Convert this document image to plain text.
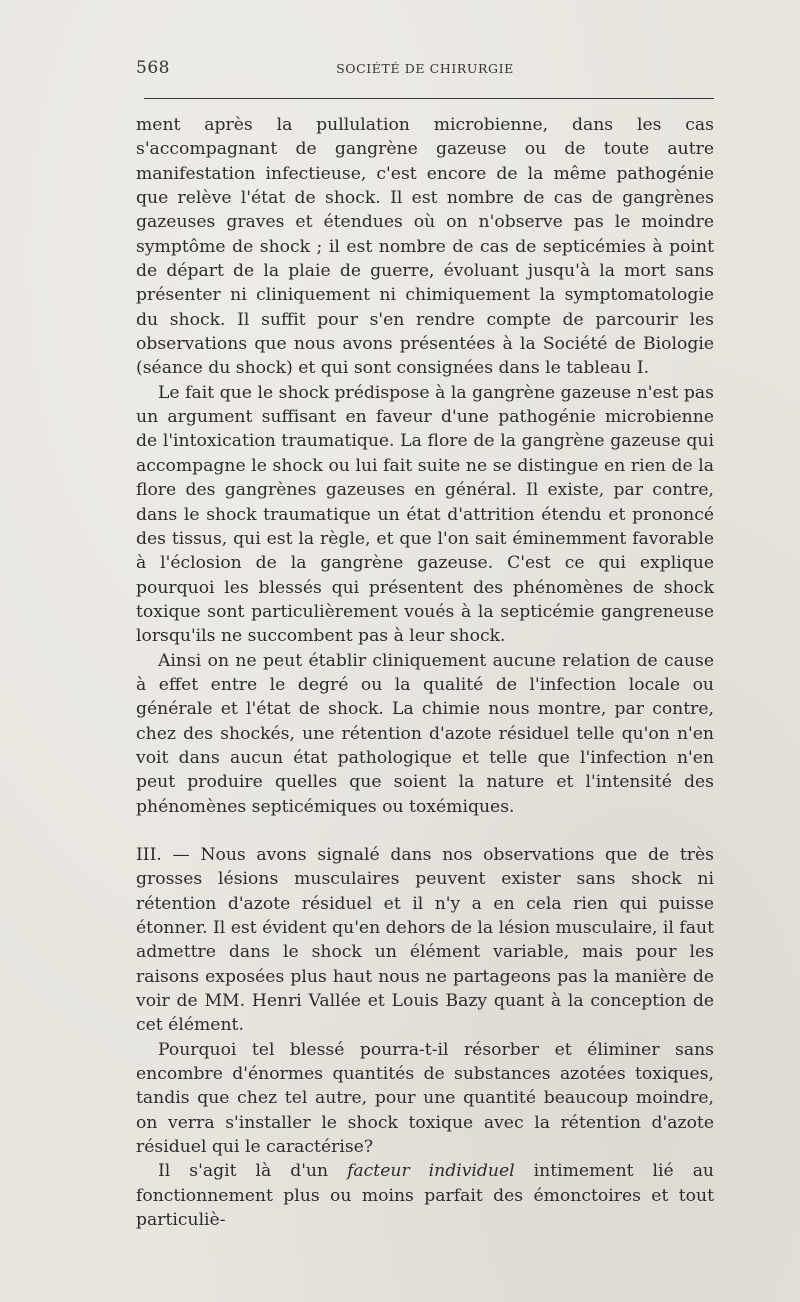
568	SOCIÉTÉ DE CHIRURGIE

ment après la pullulation microbienne, dans les cas s'accompagnant de gangrène gazeuse ou de toute autre manifestation infectieuse, c'est encore de la même pathogénie que relève l'état de shock. Il est nombre de cas de gangrènes gazeuses graves et étendues où on n'observe pas le moindre symptôme de shock ; il est nombre de cas de septicémies à point de départ de la plaie de guerre, évoluant jusqu'à la mort sans présenter ni cliniquement ni chimiquement la symptomatologie du shock. Il suffit pour s'en rendre compte de parcourir les observations que nous avons présentées à la Société de Biologie (séance du shock) et qui sont consignées dans le tableau I.

Le fait que le shock prédispose à la gangrène gazeuse n'est pas un argument suffisant en faveur d'une pathogénie microbienne de l'intoxication traumatique. La flore de la gangrène gazeuse qui accompagne le shock ou lui fait suite ne se distingue en rien de la flore des gangrènes gazeuses en général. Il existe, par contre, dans le shock traumatique un état d'attrition étendu et prononcé des tissus, qui est la règle, et que l'on sait éminemment favorable à l'éclosion de la gangrène gazeuse. C'est ce qui explique pourquoi les blessés qui présentent des phénomènes de shock toxique sont particulièrement voués à la septicémie gangreneuse lorsqu'ils ne succombent pas à leur shock.

Ainsi on ne peut établir cliniquement aucune relation de cause à effet entre le degré ou la qualité de l'infection locale ou générale et l'état de shock. La chimie nous montre, par contre, chez des shockés, une rétention d'azote résiduel telle qu'on n'en voit dans aucun état pathologique et telle que l'infection n'en peut produire quelles que soient la nature et l'intensité des phénomènes septicémiques ou toxémiques.

III. — Nous avons signalé dans nos observations que de très grosses lésions musculaires peuvent exister sans shock ni rétention d'azote résiduel et il n'y a en cela rien qui puisse étonner. Il est évident qu'en dehors de la lésion musculaire, il faut admettre dans le shock un élément variable, mais pour les raisons exposées plus haut nous ne partageons pas la manière de voir de MM. Henri Vallée et Louis Bazy quant à la conception de cet élément.

Pourquoi tel blessé pourra-t-il résorber et éliminer sans encombre d'énormes quantités de substances azotées toxiques, tandis que chez tel autre, pour une quantité beaucoup moindre, on verra s'installer le shock toxique avec la rétention d'azote résiduel qui le caractérise?

Il s'agit là d'un facteur individuel intimement lié au fonctionnement plus ou moins parfait des émonctoires et tout particuliè-
